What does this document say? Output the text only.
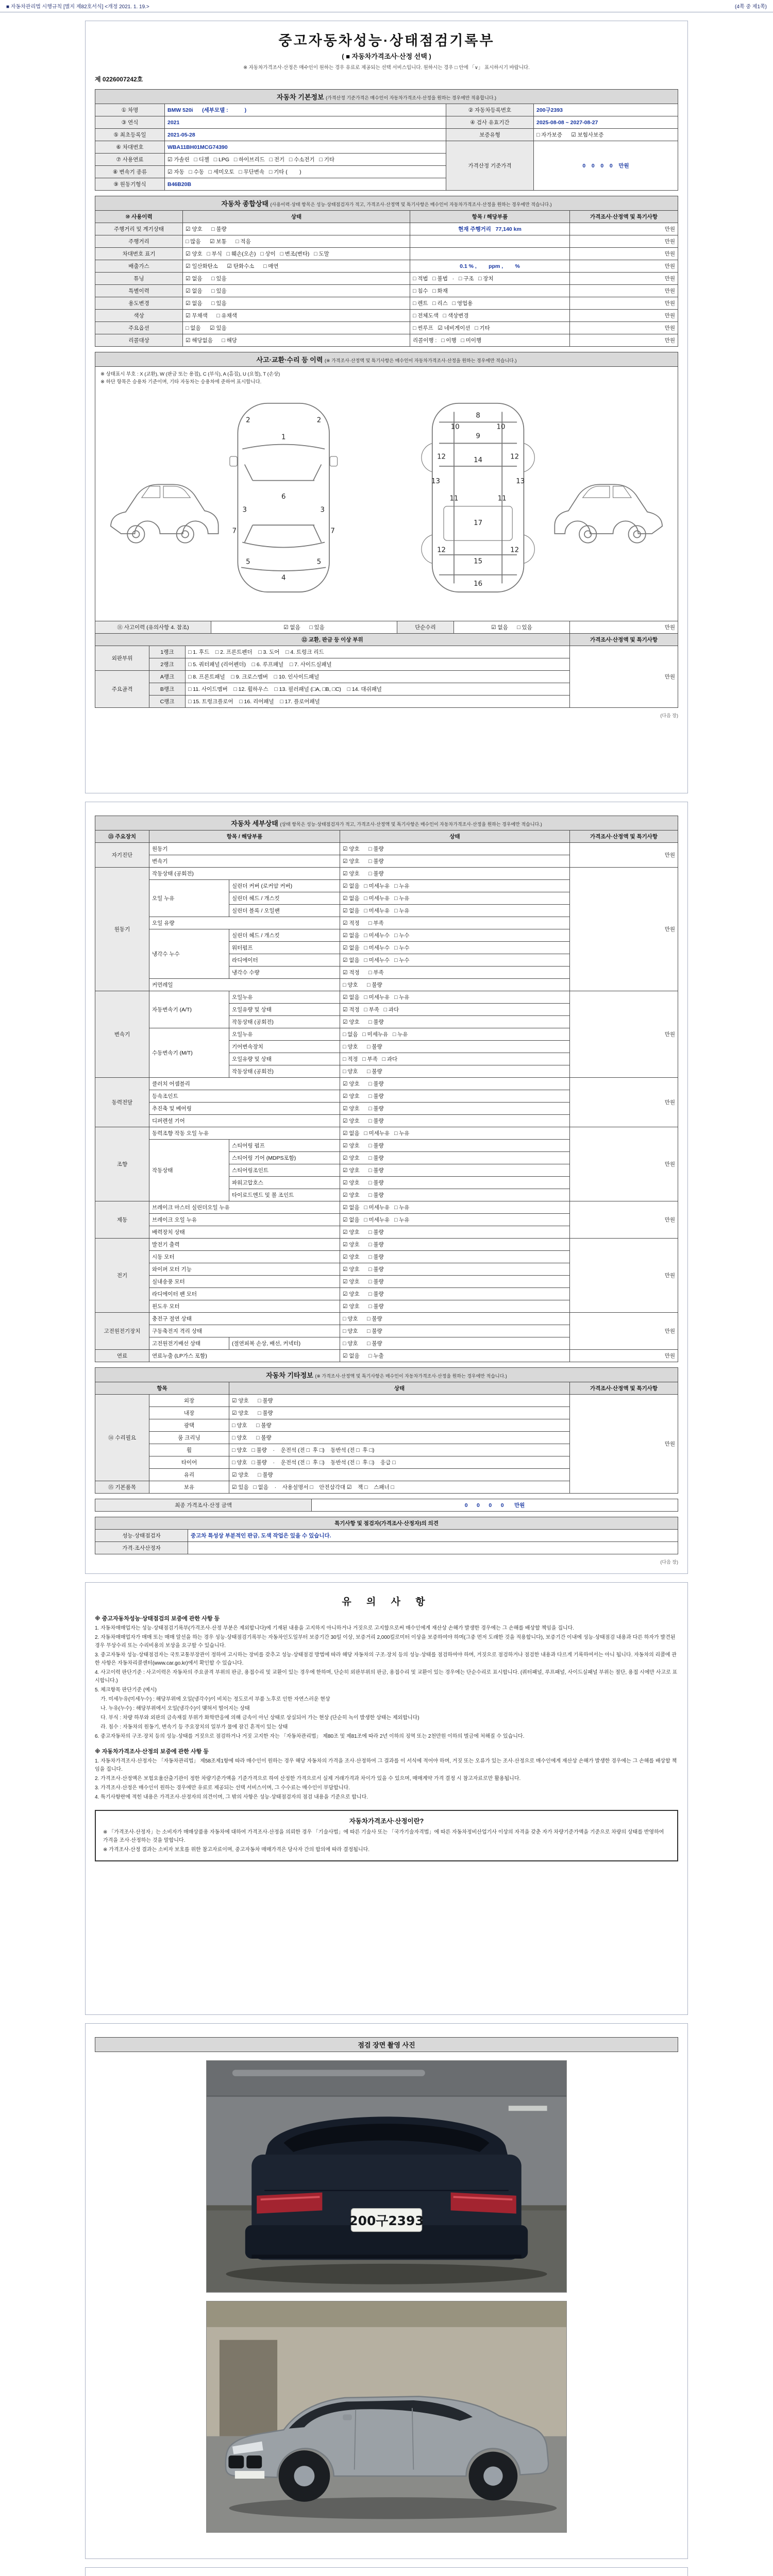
■ 자동차관리법 시행규칙 [별지 제82호서식] <개정 2021. 1. 19.>	(4쪽 중 제1쪽)
중고자동차성능·상태점검기록부
( ■ 자동차가격조사·산정 선택 )
※ 자동차가격조사·산정은 매수인이 원하는 경우 유료로 제공되는 선택 서비스입니다. 원하시는 경우 □ 안에 「∨」 표시하시기 바랍니다.
제 0226007242호
자동차 기본정보 (가격산정 기준가격은 매수인이 자동차가격조사·산정을 원하는 경우에만 적용합니다.)
① 차명	BMW 520i      (세부모델 :           )	② 자동차등록번호	200구2393
③ 연식	2021	④ 검사 유효기간	2025-08-08 ~ 2027-08-27
⑤ 최초등록일	2021-05-28	보증유형	□ 자가보증      ☑ 보험사보증
⑥ 차대번호	WBA11BH01MCG74390	가격산정 기준가격	0    0    0    0    만원
⑦ 사용연료	☑ 가솔린   □ 디젤   □ LPG   □ 하이브리드   □ 전기   □ 수소전기   □ 기타		
⑧ 변속기 종류	☑ 자동   □ 수동   □ 세미오토   □ 무단변속   □ 기타 (        )		
⑨ 원동기형식	B46B20B		
자동차 종합상태 (사용이력·상태 항목은 성능·상태점검자가 적고, 가격조사·산정액 및 특기사항은 매수인이 자동차가격조사·산정을 원하는 경우에만 적습니다.)
⑩ 사용이력	상태	항목 / 해당부품	가격조사·산정액 및 특기사항
주행거리 및 계기상태	☑ 양호      □ 불량	현재 주행거리   77,140 km	만원
주행거리	□ 많음      ☑ 보통      □ 적음		만원
차대번호 표기	☑ 양호   □ 부식   □ 훼손(오손)   □ 상이   □ 변조(변타)   □ 도말		만원
배출가스	☑ 일산화탄소      ☑ 탄화수소      □ 매연	0.1 % ,        ppm ,        %	만원
튜닝	☑ 없음      □ 있음	□ 적법   □ 불법   ·   □ 구조   □ 장치	만원
특별이력	☑ 없음      □ 있음	□ 침수   □ 화재	만원
용도변경	☑ 없음      □ 있음	□ 렌트   □ 리스   □ 영업용	만원
색상	☑ 무채색      □ 유채색	□ 전체도색   □ 색상변경	만원
주요옵션	□ 없음      ☑ 있음	□ 썬루프   ☑ 네비게이션   □ 기타	만원
리콜대상	☑ 해당없음      □ 해당	리콜이행 :   □ 이행   □ 미이행	만원
사고·교환·수리 등 이력 (※ 가격조사·산정액 및 특기사항은 매수인이 자동차가격조사·산정을 원하는 경우에만 적습니다.)
※ 상태표시 부호 : X (교환), W (판금 또는 용접), C (부식), A (흠집), U (요철), T (손상)
※ 하단 항목은 승용차 기준이며, 기타 자동차는 승용차에 준하여 표시합니다.
1
2	2
3	3
4
5	5
6
7	7
8
9
10	10
11	11
12	12
12	12
13	13
14
15
16
17
⑪ 사고이력 (유의사항 4. 참조)	☑ 없음      □ 있음	단순수리	☑ 없음      □ 있음	만원
⑫ 교환, 판금 등 이상 부위			가격조사·산정액 및 특기사항
외판부위	1랭크	□ 1. 후드    □ 2. 프론트펜더    □ 3. 도어    □ 4. 트렁크 리드	만원
	2랭크	□ 5. 쿼터패널 (리어펜더)    □ 6. 루프패널    □ 7. 사이드실패널	
주요골격	A랭크	□ 8. 프론트패널    □ 9. 크로스멤버    □ 10. 인사이드패널	
	B랭크	□ 11. 사이드멤버    □ 12. 휠하우스    □ 13. 필러패널 (□A, □B, □C)    □ 14. 대쉬패널	
	C랭크	□ 15. 트렁크플로어    □ 16. 리어패널    □ 17. 플로어패널	
(다음 장)
자동차 세부상태 (상태 항목은 성능·상태점검자가 적고, 가격조사·산정액 및 특기사항은 매수인이 자동차가격조사·산정을 원하는 경우에만 적습니다.)
⑬ 주요장치	항목 / 해당부품		상태	가격조사·산정액 및 특기사항
자기진단	원동기		☑ 양호      □ 불량	만원
	변속기		☑ 양호      □ 불량	
원동기	작동상태 (공회전)		☑ 양호      □ 불량	만원
	오일 누유	실린더 커버 (로커암 커버)	☑ 없음   □ 미세누유   □ 누유	
		실린더 헤드 / 개스킷	☑ 없음   □ 미세누유   □ 누유	
		실린더 블록 / 오일팬	☑ 없음   □ 미세누유   □ 누유	
	오일 유량		☑ 적정      □ 부족	
	냉각수 누수	실린더 헤드 / 개스킷	☑ 없음   □ 미세누수   □ 누수	
		워터펌프	☑ 없음   □ 미세누수   □ 누수	
		라디에이터	☑ 없음   □ 미세누수   □ 누수	
		냉각수 수량	☑ 적정      □ 부족	
	커먼레일		□ 양호      □ 불량	
변속기	자동변속기 (A/T)	오일누유	☑ 없음   □ 미세누유   □ 누유	만원
		오일유량 및 상태	☑ 적정   □ 부족   □ 과다	
		작동상태 (공회전)	☑ 양호      □ 불량	
	수동변속기 (M/T)	오일누유	□ 없음   □ 미세누유   □ 누유	
		기어변속장치	□ 양호      □ 불량	
		오일유량 및 상태	□ 적정   □ 부족   □ 과다	
		작동상태 (공회전)	□ 양호      □ 불량	
동력전달	클러치 어셈블리		☑ 양호      □ 불량	만원
	등속조인트		☑ 양호      □ 불량	
	추진축 및 베어링		☑ 양호      □ 불량	
	디퍼렌셜 기어		☑ 양호      □ 불량	
조향	동력조향 작동 오일 누유		☑ 없음   □ 미세누유   □ 누유	만원
	작동상태	스티어링 펌프	☑ 양호      □ 불량	
		스티어링 기어 (MDPS포함)	☑ 양호      □ 불량	
		스티어링조인트	☑ 양호      □ 불량	
		파워고압호스	☑ 양호      □ 불량	
		타이로드엔드 및 볼 조인트	☑ 양호      □ 불량	
제동	브레이크 마스터 실린더오일 누유		☑ 없음   □ 미세누유   □ 누유	만원
	브레이크 오일 누유		☑ 없음   □ 미세누유   □ 누유	
	배력장치 상태		☑ 양호      □ 불량	
전기	발전기 출력		☑ 양호      □ 불량	만원
	시동 모터		☑ 양호      □ 불량	
	와이퍼 모터 기능		☑ 양호      □ 불량	
	실내송풍 모터		☑ 양호      □ 불량	
	라디에이터 팬 모터		☑ 양호      □ 불량	
	윈도우 모터		☑ 양호      □ 불량	
고전원전기장치	충전구 절연 상태		□ 양호      □ 불량	만원
	구동축전지 격리 상태		□ 양호      □ 불량	
	고전원전기배선 상태	(절연피복 손상, 배선, 커넥터)	□ 양호      □ 불량	
연료	연료누출 (LP가스 포함)		☑ 없음      □ 누출	만원
자동차 기타정보 (※ 가격조사·산정액 및 특기사항은 매수인이 자동차가격조사·산정을 원하는 경우에만 적습니다.)
항목		상태	가격조사·산정액 및 특기사항
⑭ 수리필요	외장	☑ 양호      □ 불량	만원
	내장	☑ 양호      □ 불량	
	광택	□ 양호      □ 불량	
	룸 크리닝	□ 양호      □ 불량	
	휠	□ 양호   □ 불량    ·    운전석 (전 □  후 □)    동반석 (전 □  후 □)	
	타이어	□ 양호   □ 불량    ·    운전석 (전 □  후 □)    동반석 (전 □  후 □)    응급 □	
	유리	☑ 양호      □ 불량	
⑮ 기본품목	보유	☑ 있음   □ 없음    ·    사용설명서 □    안전삼각대 ☑    잭 □    스패너 □	
최종 가격조사·산정 금액	0      0      0      0       만원
특기사항 및 점검자(가격조사·산정자)의 의견	
성능·상태점검자	중고차 특성상 부분적인 판금, 도색 작업은 있을 수 있습니다.
가격·조사산정자	
(다음 장)
유 의 사 항
※ 중고자동차성능·상태점검의 보증에 관한 사항 등
1. 자동차매매업자는 성능·상태점검기록부(가격조사·산정 부분은 제외합니다)에 기재된 내용을 고지하지 아니하거나 거짓으로 고지함으로써 매수인에게 재산상 손해가 발생한 경우에는 그 손해를 배상할 책임을 집니다.
2. 자동차매매업자가 매매 또는 매매 알선을 하는 경우 성능·상태점검기록부는 자동차인도일부터 보증기간 30일 이상, 보증거리 2,000킬로미터 이상을 보증하여야 하며(그중 먼저 도래한 것을 적용합니다), 보증기간 이내에 성능·상태점검 내용과 다른 하자가 발견된 경우 무상수리 또는 수리비용의 보상을 요구할 수 있습니다.
3. 중고자동차 성능·상태점검자는 국토교통부장관이 정하여 고시하는 장비를 갖추고 성능·상태점검 방법에 따라 해당 자동차의 구조·장치 등의 성능·상태를 점검하여야 하며, 거짓으로 점검하거나 점검한 내용과 다르게 기록하여서는 아니 됩니다. 자동차의 리콜에 관한 사항은 자동차리콜센터(www.car.go.kr)에서 확인할 수 있습니다.
4. 사고이력 판단기준 : 사고이력은 자동차의 주요골격 부위의 판금, 용접수리 및 교환이 있는 경우에 한하며, 단순히 외판부위의 판금, 용접수리 및 교환이 있는 경우에는 단순수리로 표시합니다. (쿼터패널, 루프패널, 사이드실패널 부위는 절단, 용접 시에만 사고로 표시합니다.)
5. 체크항목 판단기준 (예시)
가. 미세누유(미세누수) : 해당부위에 오일(냉각수)이 비치는 정도로서 부품 노후로 인한 자연스러운 현상
나. 누유(누수) : 해당부위에서 오일(냉각수)이 맺혀서 떨어지는 상태
다. 부식 : 차량 하부와 외판의 금속재질 부위가 화학반응에 의해 금속이 아닌 상태로 상실되어 가는 현상 (단순히 녹이 발생한 상태는 제외합니다)
라. 침수 : 자동차의 원동기, 변속기 등 주요장치의 일부가 물에 잠긴 흔적이 있는 상태
6. 중고자동차의 구조·장치 등의 성능·상태를 거짓으로 점검하거나 거짓 고지한 자는 「자동차관리법」 제80조 및 제81조에 따라 2년 이하의 징역 또는 2천만원 이하의 벌금에 처해질 수 있습니다.
※ 자동차가격조사·산정의 보증에 관한 사항 등
1. 자동차가격조사·산정자는 「자동차관리법」 제58조제1항에 따라 매수인이 원하는 경우 해당 자동차의 가격을 조사·산정하여 그 결과를 이 서식에 적어야 하며, 거짓 또는 오류가 있는 조사·산정으로 매수인에게 재산상 손해가 발생한 경우에는 그 손해를 배상할 책임을 집니다.
2. 가격조사·산정액은 보험요율산출기관이 정한 차량기준가액을 기준가격으로 하여 산정한 가격으로서 실제 거래가격과 차이가 있을 수 있으며, 매매계약 가격 결정 시 참고자료로만 활용됩니다.
3. 가격조사·산정은 매수인이 원하는 경우에만 유료로 제공되는 선택 서비스이며, 그 수수료는 매수인이 부담합니다.
4. 특기사항란에 적힌 내용은 가격조사·산정자의 의견이며, 그 밖의 사항은 성능·상태점검자의 점검 내용을 기준으로 합니다.
자동차가격조사·산정이란?
※ 「가격조사·산정자」는 소비자가 매매상품용 자동차에 대하여 가격조사·산정을 의뢰한 경우 「기술사법」에 따른 기술사 또는 「국가기술자격법」에 따른 자동차정비산업기사 이상의 자격을 갖춘 자가 차량기준가액을 기준으로 차량의 상태를 반영하여 가격을 조사·산정하는 것을 말합니다.
※ 가격조사·산정 결과는 소비자 보호를 위한 참고자료이며, 중고자동차 매매가격은 당사자 간의 합의에 따라 결정됩니다.
점검 장면 촬영 사진
200구2393
